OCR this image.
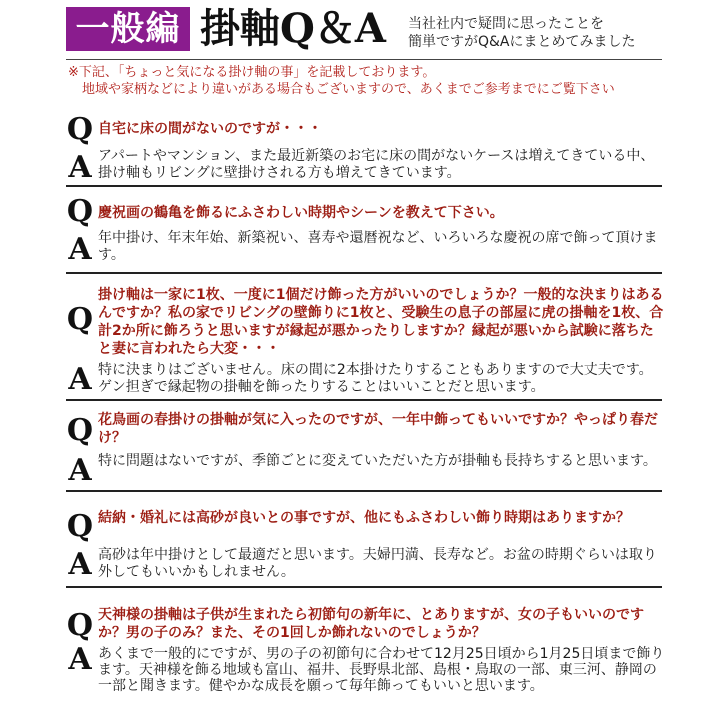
一般編 掛軸Q＆A 当社社内で疑問に思ったことを
簡単ですがQ&Aにまとめてみました
※下記、「ちょっと気になる掛け軸の事」を記載しております。
地域や家柄などにより違いがある場合もございますので、あくまでご参考までにご覧下さい
Q 自宅に床の間がないのですが・・・
A アパートやマンション、また最近新築のお宅に床の間がないケースは増えてきている中、掛け軸もリビングに壁掛けされる方も増えてきています。
Q 慶祝画の鶴亀を飾るにふさわしい時期やシーンを教えて下さい。
A 年中掛け、年末年始、新築祝い、喜寿や還暦祝など、いろいろな慶祝の席で飾って頂けます。
Q
掛け軸は一家に1枚、一度に1個だけ飾った方がいいのでしょうか？一般的な決まりはあるんですか？私の家でリビングの壁飾りに1枚と、受験生の息子の部屋に虎の掛軸を1枚、合計2か所に飾ろうと思いますが縁起が悪かったりしますか？縁起が悪いから試験に落ちたと妻に言われたら大変・・・
A 特に決まりはございません。床の間に2本掛けたりすることもありますので大丈夫です。ゲン担ぎで縁起物の掛軸を飾ったりすることはいいことだと思います。
Q 花鳥画の春掛けの掛軸が気に入ったのですが、一年中飾ってもいいですか？やっぱり春だけ？
A 特に問題はないですが、季節ごとに変えていただいた方が掛軸も長持ちすると思います。
Q 結納・婚礼には高砂が良いとの事ですが、他にもふさわしい飾り時期はありますか？
A 高砂は年中掛けとして最適だと思います。夫婦円満、長寿など。お盆の時期ぐらいは取り外してもいいかもしれません。
Q 天神様の掛軸は子供が生まれたら初節句の新年に、とありますが、女の子もいいのですか？男の子のみ？また、その1回しか飾れないのでしょうか？
A あくまで一般的にですが、男の子の初節句に合わせて12月25日頃から1月25日頃まで飾ります。天神様を飾る地域も富山、福井、長野県北部、島根・鳥取の一部、東三河、静岡の一部と聞きます。健やかな成長を願って毎年飾ってもいいと思います。
